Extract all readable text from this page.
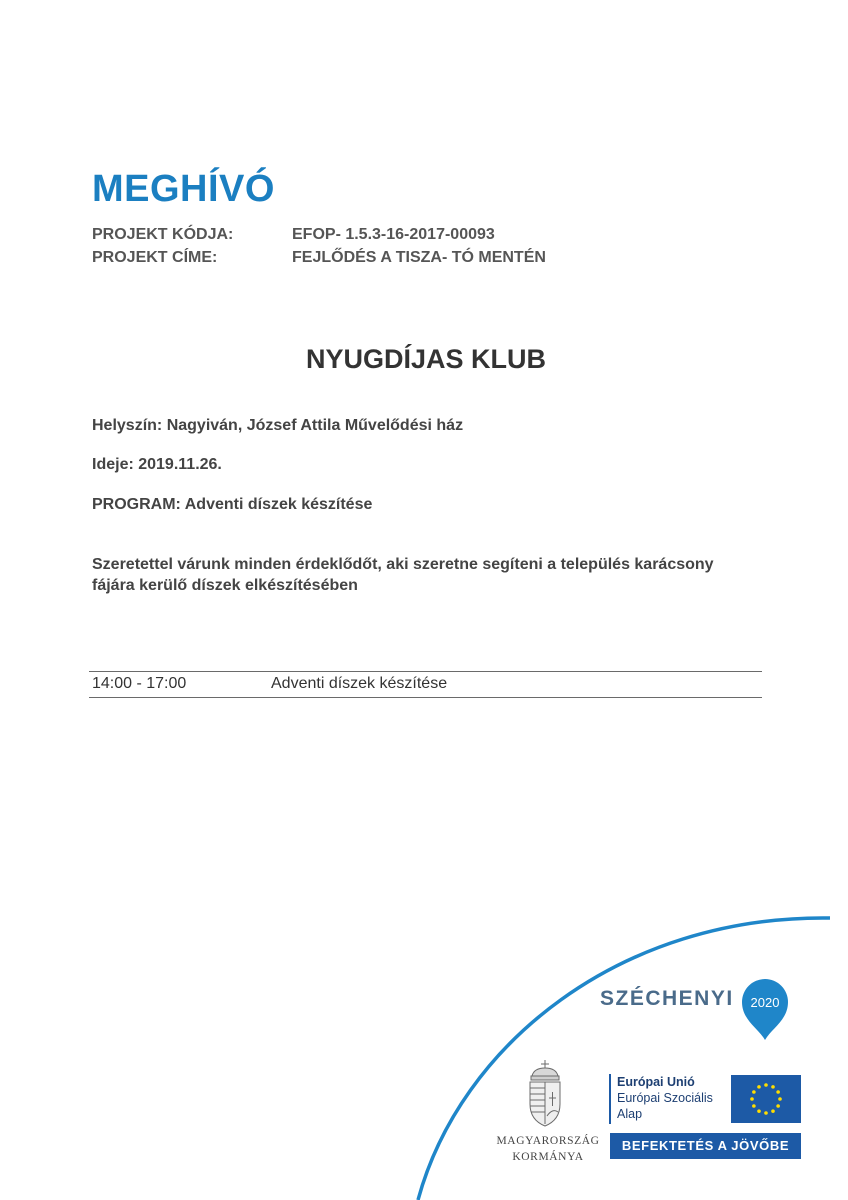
MEGHÍVÓ
PROJEKT KÓDJA:	EFOP- 1.5.3-16-2017-00093
PROJEKT CÍME:	FEJLŐDÉS A TISZA- TÓ MENTÉN
NYUGDÍJAS KLUB
Helyszín: Nagyiván, József Attila Művelődési ház
Ideje: 2019.11.26.
PROGRAM: Adventi díszek készítése
Szeretettel várunk minden érdeklődőt, aki szeretne segíteni a település karácsony
fájára kerülő díszek elkészítésében
14:00 - 17:00	Adventi díszek készítése
SZÉCHENYI 2020
MAGYARORSZÁG
KORMÁNYA
Európai Unió
Európai Szociális
Alap
BEFEKTETÉS A JÖVŐBE
